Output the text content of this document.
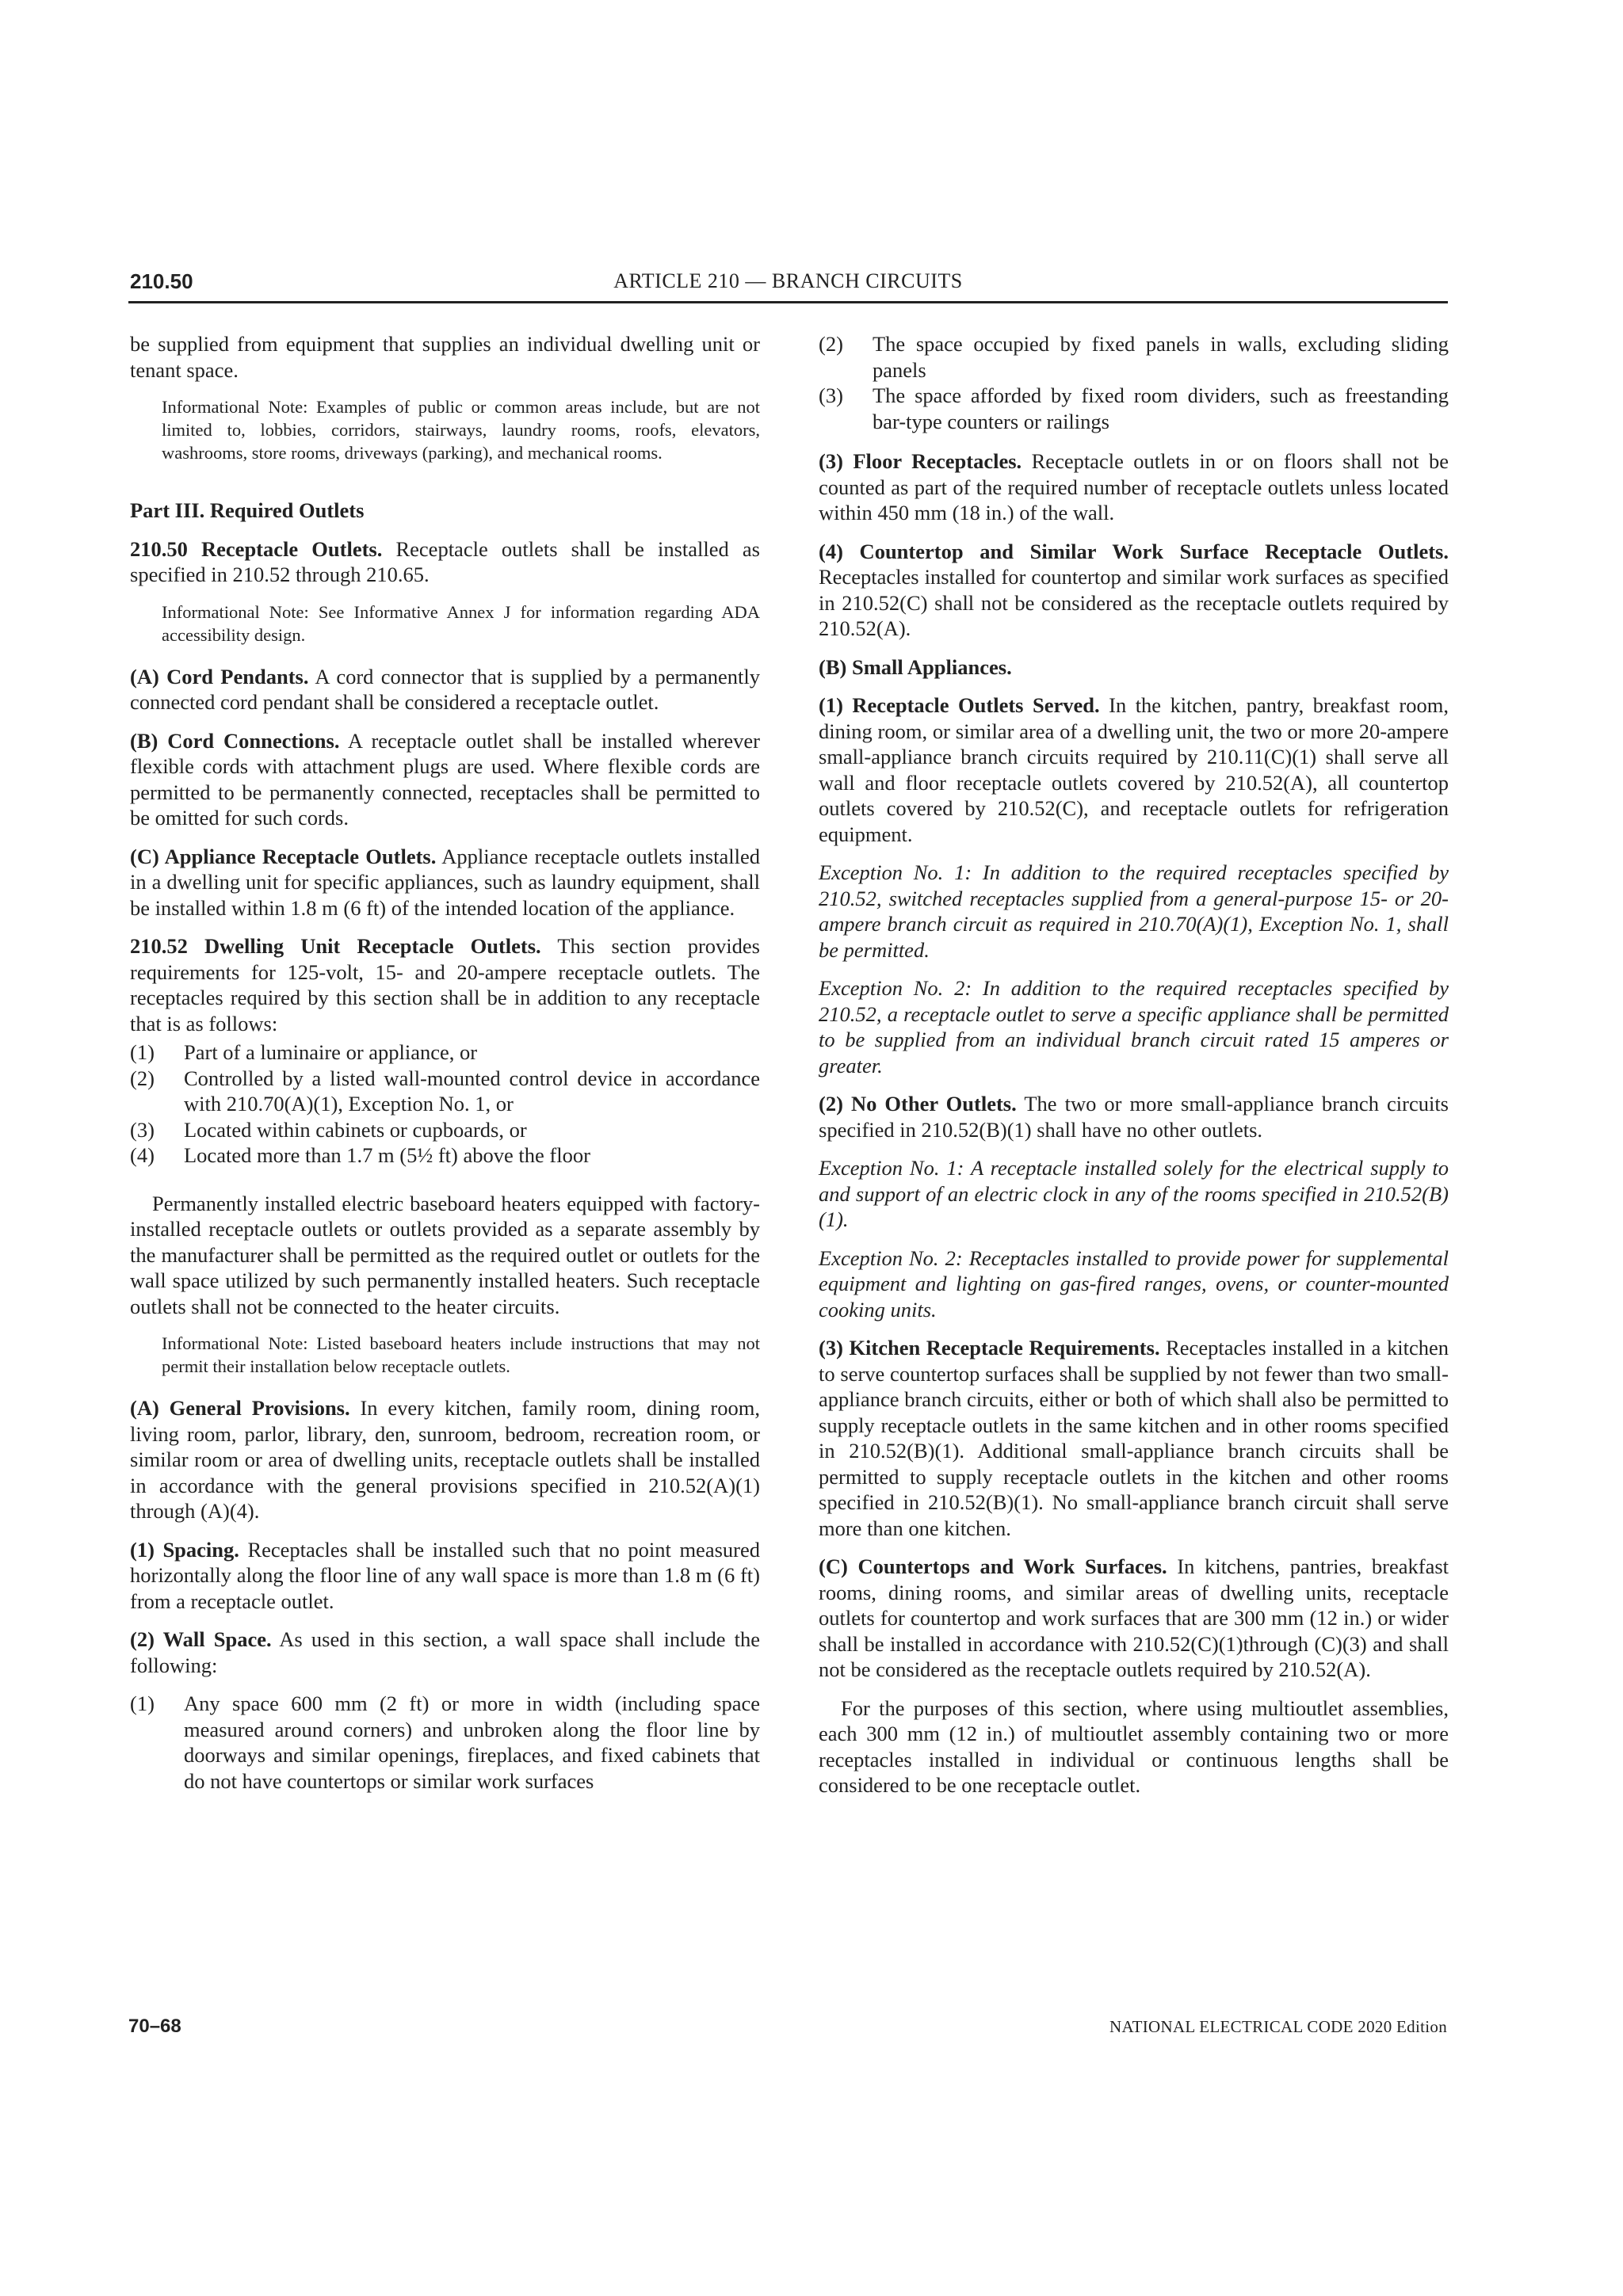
210.50	ARTICLE 210 — BRANCH CIRCUITS

be supplied from equipment that supplies an individual dwelling unit or tenant space.

Informational Note: Examples of public or common areas include, but are not limited to, lobbies, corridors, stairways, laundry rooms, roofs, elevators, washrooms, store rooms, driveways (parking), and mechanical rooms.
Part III. Required Outlets

210.50 Receptacle Outlets. Receptacle outlets shall be installed as specified in 210.52 through 210.65.

Informational Note: See Informative Annex J for information regarding ADA accessibility design.

(A) Cord Pendants. A cord connector that is supplied by a permanently connected cord pendant shall be considered a receptacle outlet.

(B) Cord Connections. A receptacle outlet shall be installed wherever flexible cords with attachment plugs are used. Where flexible cords are permitted to be permanently connected, receptacles shall be permitted to be omitted for such cords.

(C) Appliance Receptacle Outlets. Appliance receptacle outlets installed in a dwelling unit for specific appliances, such as laundry equipment, shall be installed within 1.8 m (6 ft) of the intended location of the appliance.

210.52 Dwelling Unit Receptacle Outlets. This section provides requirements for 125-volt, 15- and 20-ampere receptacle outlets. The receptacles required by this section shall be in addition to any receptacle that is as follows:

(1) Part of a luminaire or appliance, or
(2) Controlled by a listed wall-mounted control device in accordance with 210.70(A)(1), Exception No. 1, or
(3) Located within cabinets or cupboards, or
(4) Located more than 1.7 m (5½ ft) above the floor

Permanently installed electric baseboard heaters equipped with factory-installed receptacle outlets or outlets provided as a separate assembly by the manufacturer shall be permitted as the required outlet or outlets for the wall space utilized by such permanently installed heaters. Such receptacle outlets shall not be connected to the heater circuits.

Informational Note: Listed baseboard heaters include instructions that may not permit their installation below receptacle outlets.

(A) General Provisions. In every kitchen, family room, dining room, living room, parlor, library, den, sunroom, bedroom, recreation room, or similar room or area of dwelling units, receptacle outlets shall be installed in accordance with the general provisions specified in 210.52(A)(1) through (A)(4).

(1) Spacing. Receptacles shall be installed such that no point measured horizontally along the floor line of any wall space is more than 1.8 m (6 ft) from a receptacle outlet.

(2) Wall Space. As used in this section, a wall space shall include the following:

(1) Any space 600 mm (2 ft) or more in width (including space measured around corners) and unbroken along the floor line by doorways and similar openings, fireplaces, and fixed cabinets that do not have countertops or similar work surfaces
(2) The space occupied by fixed panels in walls, excluding sliding panels
(3) The space afforded by fixed room dividers, such as freestanding bar-type counters or railings

(3) Floor Receptacles. Receptacle outlets in or on floors shall not be counted as part of the required number of receptacle outlets unless located within 450 mm (18 in.) of the wall.

(4) Countertop and Similar Work Surface Receptacle Outlets. Receptacles installed for countertop and similar work surfaces as specified in 210.52(C) shall not be considered as the receptacle outlets required by 210.52(A).

(B) Small Appliances.

(1) Receptacle Outlets Served. In the kitchen, pantry, breakfast room, dining room, or similar area of a dwelling unit, the two or more 20-ampere small-appliance branch circuits required by 210.11(C)(1) shall serve all wall and floor receptacle outlets covered by 210.52(A), all countertop outlets covered by 210.52(C), and receptacle outlets for refrigeration equipment.

Exception No. 1: In addition to the required receptacles specified by 210.52, switched receptacles supplied from a general-purpose 15- or 20-ampere branch circuit as required in 210.70(A)(1), Exception No. 1, shall be permitted.

Exception No. 2: In addition to the required receptacles specified by 210.52, a receptacle outlet to serve a specific appliance shall be permitted to be supplied from an individual branch circuit rated 15 amperes or greater.

(2) No Other Outlets. The two or more small-appliance branch circuits specified in 210.52(B)(1) shall have no other outlets.

Exception No. 1: A receptacle installed solely for the electrical supply to and support of an electric clock in any of the rooms specified in 210.52(B)(1).

Exception No. 2: Receptacles installed to provide power for supplemental equipment and lighting on gas-fired ranges, ovens, or counter-mounted cooking units.

(3) Kitchen Receptacle Requirements. Receptacles installed in a kitchen to serve countertop surfaces shall be supplied by not fewer than two small-appliance branch circuits, either or both of which shall also be permitted to supply receptacle outlets in the same kitchen and in other rooms specified in 210.52(B)(1). Additional small-appliance branch circuits shall be permitted to supply receptacle outlets in the kitchen and other rooms specified in 210.52(B)(1). No small-appliance branch circuit shall serve more than one kitchen.

(C) Countertops and Work Surfaces. In kitchens, pantries, breakfast rooms, dining rooms, and similar areas of dwelling units, receptacle outlets for countertop and work surfaces that are 300 mm (12 in.) or wider shall be installed in accordance with 210.52(C)(1)through (C)(3) and shall not be considered as the receptacle outlets required by 210.52(A).

For the purposes of this section, where using multioutlet assemblies, each 300 mm (12 in.) of multioutlet assembly containing two or more receptacles installed in individual or continuous lengths shall be considered to be one receptacle outlet.

70–68	NATIONAL ELECTRICAL CODE 2020 Edition
